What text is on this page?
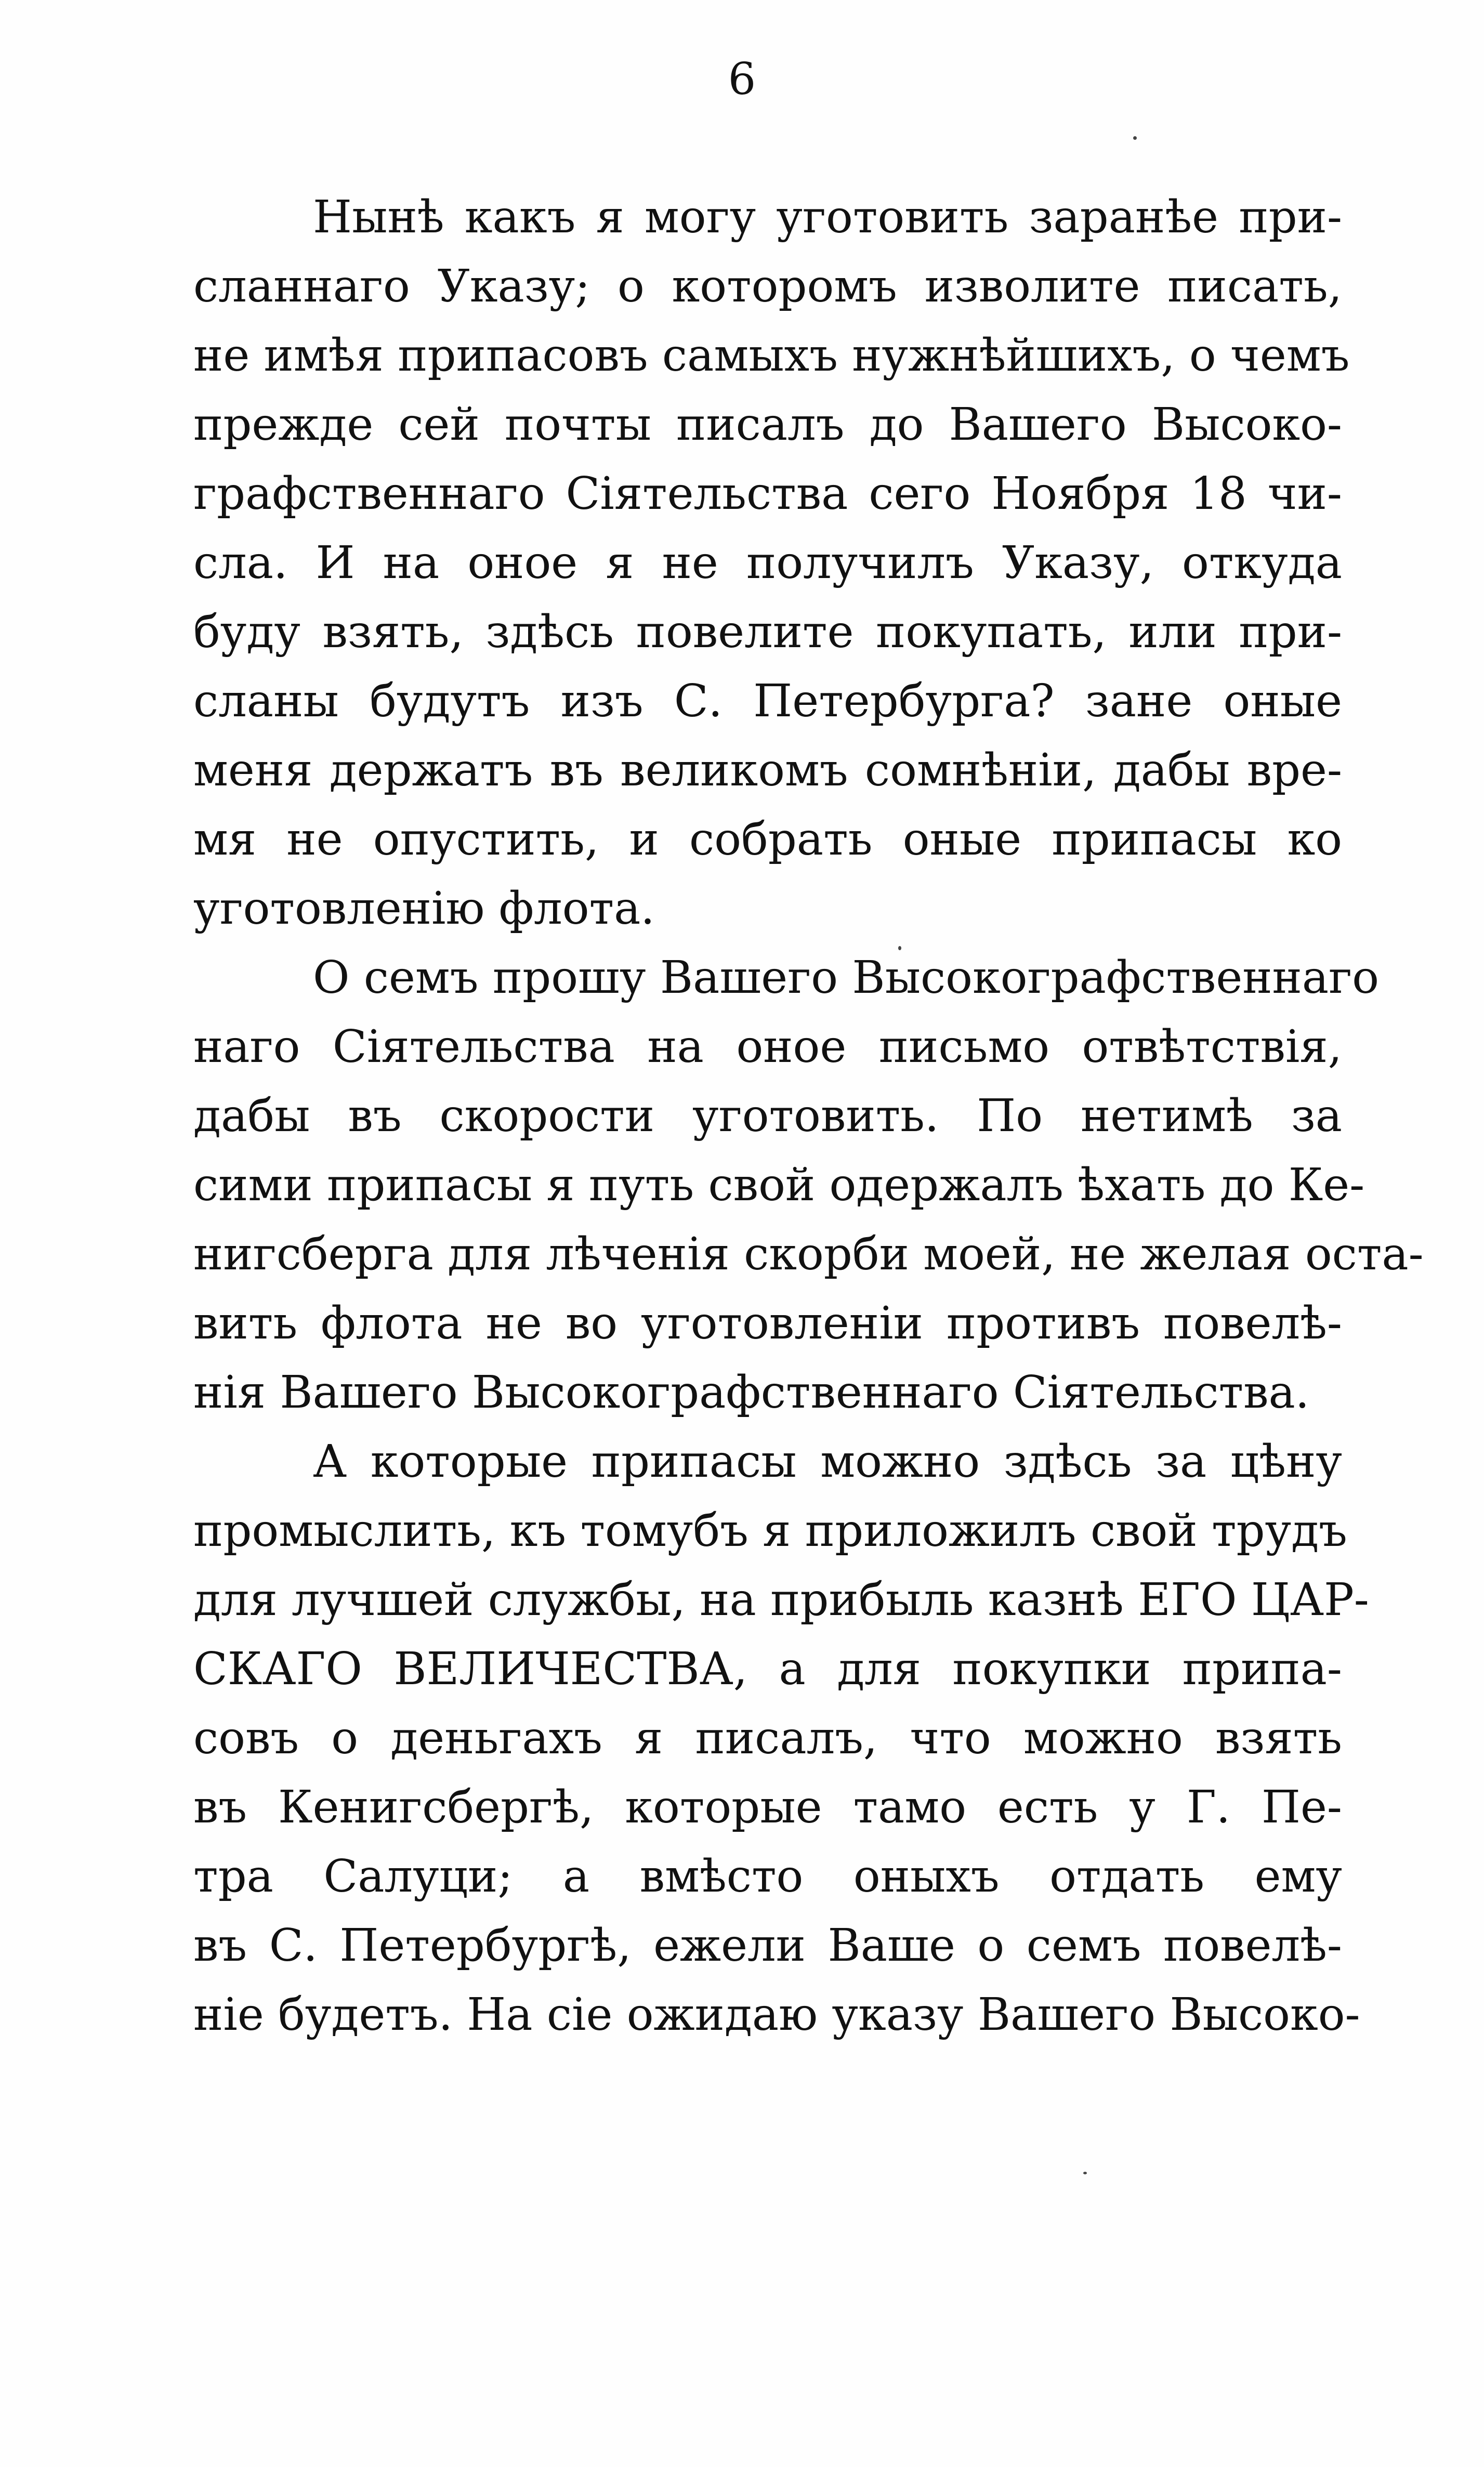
6
Нынѣ какъ я могу уготовить заранѣе при-
сланнаго Указу; о которомъ изволите писать,
не имѣя припасовъ самыхъ нужнѣйшихъ, о чемъ
прежде сей почты писалъ до Вашего Высоко-
графственнаго Сіятельства сего Ноября 18 чи-
сла. И на оное я не получилъ Указу, откуда
буду взять, здѣсь повелите покупать, или при-
сланы будутъ изъ С. Петербурга? зане оные
меня держатъ въ великомъ сомнѣніи, дабы вре-
мя не опустить, и собрать оные припасы ко
уготовленію флота.
О семъ прошу Вашего Высокографственнаго
наго Сіятельства на оное письмо отвѣтствія,
дабы въ скорости уготовить. По нетимѣ за
сими припасы я путь свой одержалъ ѣхать до Ке-
нигсберга для лѣченія скорби моей, не желая оста-
вить флота не во уготовленіи противъ повелѣ-
нія Вашего Высокографственнаго Сіятельства.
А которые припасы можно здѣсь за цѣну
промыслить, къ томубъ я приложилъ свой трудъ
для лучшей службы, на прибыль казнѣ ЕГО ЦАР-
СКАГО ВЕЛИЧЕСТВА, а для покупки припа-
совъ о деньгахъ я писалъ, что можно взять
въ Кенигсбергѣ, которые тамо есть у Г. Пе-
тра Салуци; а вмѣсто оныхъ отдать ему
въ С. Петербургѣ, ежели Ваше о семъ повелѣ-
ніе будетъ. На сіе ожидаю указу Вашего Высоко-
